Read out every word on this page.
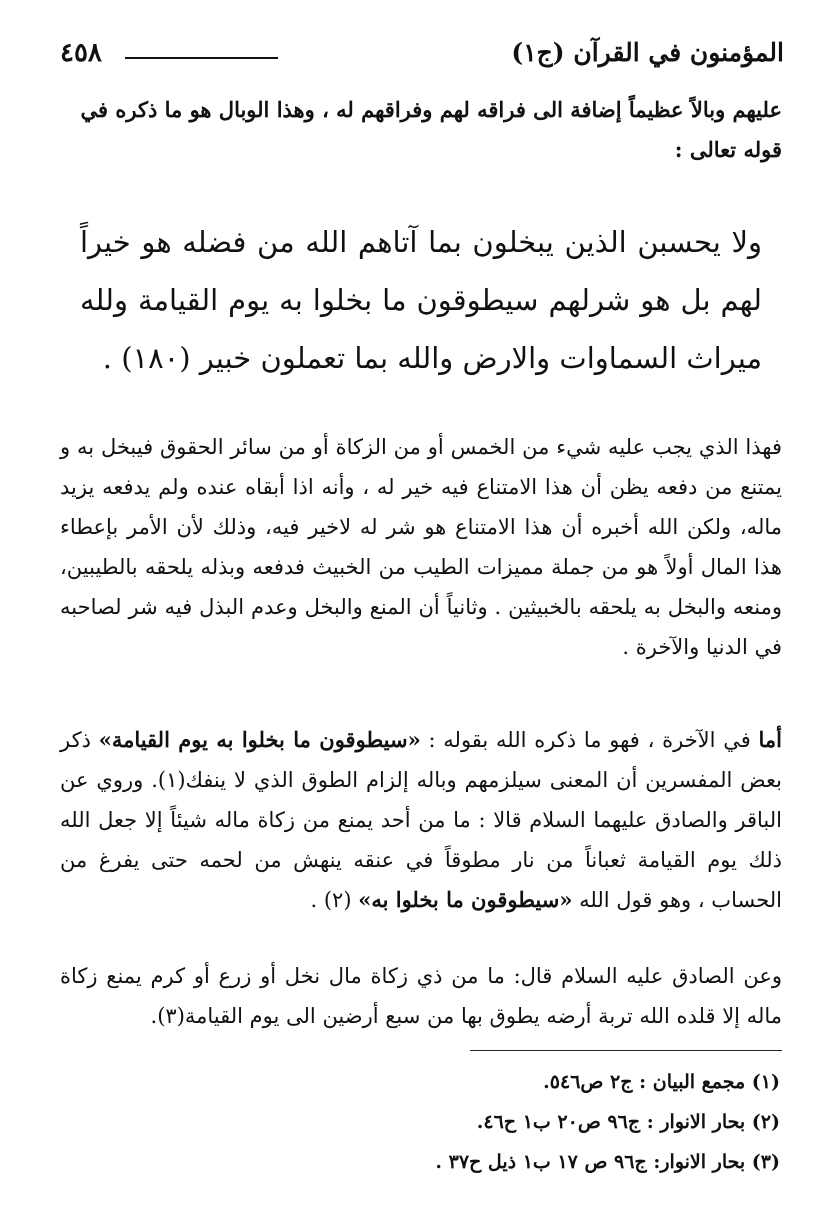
٤٥٨	المؤمنون في القرآن (ج١)
عليهم وبالاً عظيماً إضافة الى فراقه لهم وفراقهم له ، وهذا الوبال هو ما ذكره في قوله تعالى :
ولا يحسبن الذين يبخلون بما آتاهم الله من فضله هو خيراً لهم بل هو شرلهم سيطوقون ما بخلوا به يوم القيامة ولله ميراث السماوات والارض والله بما تعملون خبير (١٨٠) .
فهذا الذي يجب عليه شيء من الخمس أو من الزكاة أو من سائر الحقوق فيبخل به و يمتنع من دفعه يظن أن هذا الامتناع فيه خير له ، وأنه اذا أبقاه عنده ولم يدفعه يزيد ماله، ولكن الله أخبره أن هذا الامتناع هو شر له لاخير فيه، وذلك لأن الأمر بإعطاء هذا المال أولاً هو من جملة مميزات الطيب من الخبيث فدفعه وبذله يلحقه بالطيبين، ومنعه والبخل به يلحقه بالخبيثين . وثانياً أن المنع والبخل وعدم البذل فيه شر لصاحبه في الدنيا والآخرة .
أما في الآخرة ، فهو ما ذكره الله بقوله : «سيطوقون ما بخلوا به يوم القيامة» ذكر بعض المفسرين أن المعنى سيلزمهم وباله إلزام الطوق الذي لا ينفك(١). وروي عن الباقر والصادق عليهما السلام قالا : ما من أحد يمنع من زكاة ماله شيئاً إلا جعل الله ذلك يوم القيامة ثعباناً من نار مطوقاً في عنقه ينهش من لحمه حتى يفرغ من الحساب ، وهو قول الله «سيطوقون ما بخلوا به» (٢) .
وعن الصادق عليه السلام قال: ما من ذي زكاة مال نخل أو زرع أو كرم يمنع زكاة ماله إلا قلده الله تربة أرضه يطوق بها من سبع أرضين الى يوم القيامة(٣).
(١) مجمع البيان : ج٢ ص٥٤٦.
(٢) بحار الانوار : ج٩٦ ص٢٠ ب١ ح٤٦.
(٣) بحار الانوار: ج٩٦ ص ١٧ ب١ ذيل ح٣٧ .
